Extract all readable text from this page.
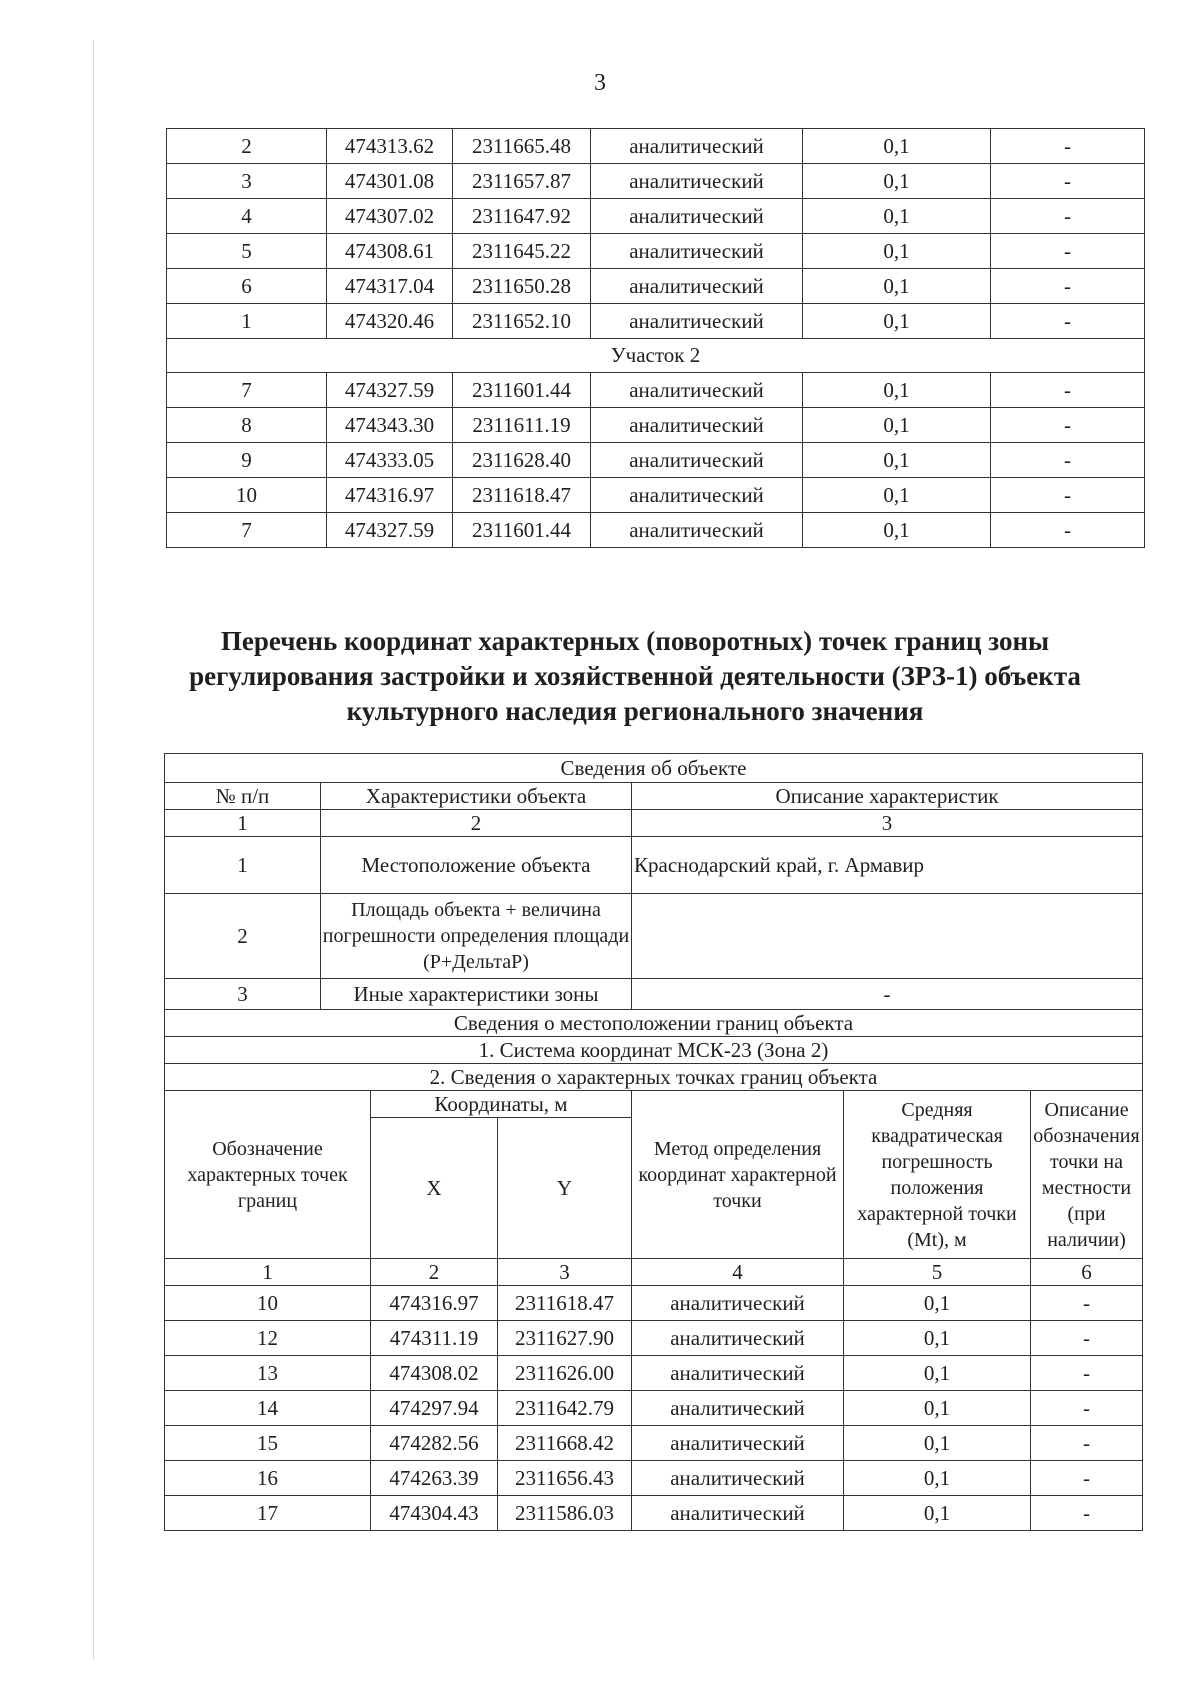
3
2	474313.62	2311665.48	аналитический	0,1	-
3	474301.08	2311657.87	аналитический	0,1	-
4	474307.02	2311647.92	аналитический	0,1	-
5	474308.61	2311645.22	аналитический	0,1	-
6	474317.04	2311650.28	аналитический	0,1	-
1	474320.46	2311652.10	аналитический	0,1	-
Участок 2					
7	474327.59	2311601.44	аналитический	0,1	-
8	474343.30	2311611.19	аналитический	0,1	-
9	474333.05	2311628.40	аналитический	0,1	-
10	474316.97	2311618.47	аналитический	0,1	-
7	474327.59	2311601.44	аналитический	0,1	-
Перечень координат характерных (поворотных) точек границ зоны
регулирования застройки и хозяйственной деятельности (ЗРЗ-1) объекта
культурного наследия регионального значения
Сведения об объекте						
№ п/п	Характеристики объекта			Описание характеристик		
1	2			3		
1	Местоположение объекта			Краснодарский край, г. Армавир		
2	Площадь объекта + величина погрешности определения площади (P+ДельтаР)					
3	Иные характеристики зоны			-		
Сведения о местоположении границ объекта						
1. Система координат МСК-23 (Зона 2)						
2. Сведения о характерных точках границ объекта						
Обозначение характерных точек границ		Координаты, м		Метод определения координат характерной точки	Средняя квадратическая погрешность положения характерной точки (Mt), м	Описание обозначения точки на местности (при наличии)
		X	Y			
1		2	3	4	5	6
10		474316.97	2311618.47	аналитический	0,1	-
12		474311.19	2311627.90	аналитический	0,1	-
13		474308.02	2311626.00	аналитический	0,1	-
14		474297.94	2311642.79	аналитический	0,1	-
15		474282.56	2311668.42	аналитический	0,1	-
16		474263.39	2311656.43	аналитический	0,1	-
17		474304.43	2311586.03	аналитический	0,1	-
